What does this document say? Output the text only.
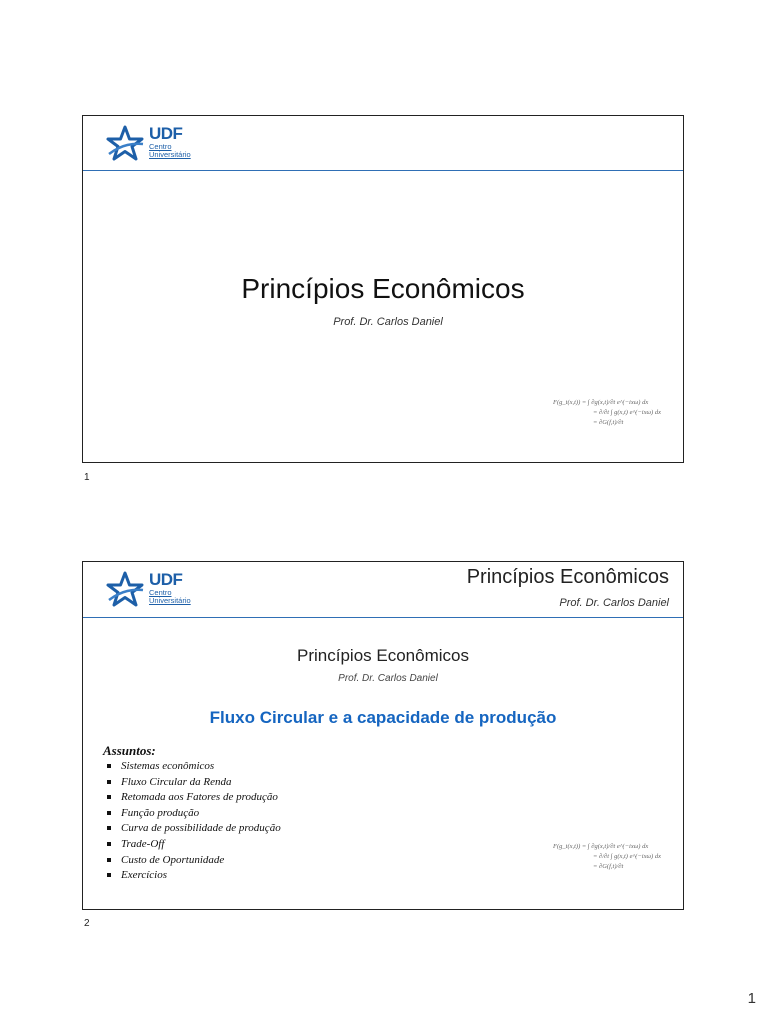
UDF
Centro
Universitário
Princípios Econômicos
Prof. Dr. Carlos Daniel
F(g_t(x,t)) = ∫ ∂g(x,t)/∂t e^(−ixω) dx
= ∂/∂t ∫ g(x,t) e^(−ixω) dx
= ∂G(f,t)/∂t
1
UDF
Centro
Universitário
Princípios Econômicos
Prof. Dr. Carlos Daniel
Princípios Econômicos
Prof. Dr. Carlos Daniel
Fluxo Circular e a capacidade de produção
Assuntos:
Sistemas econômicos
Fluxo Circular da Renda
Retomada aos Fatores de produção
Função produção
Curva de possibilidade de produção
Trade-Off
Custo de Oportunidade
Exercícios
F(g_t(x,t)) = ∫ ∂g(x,t)/∂t e^(−ixω) dx
= ∂/∂t ∫ g(x,t) e^(−ixω) dx
= ∂G(f,t)/∂t
2
1
